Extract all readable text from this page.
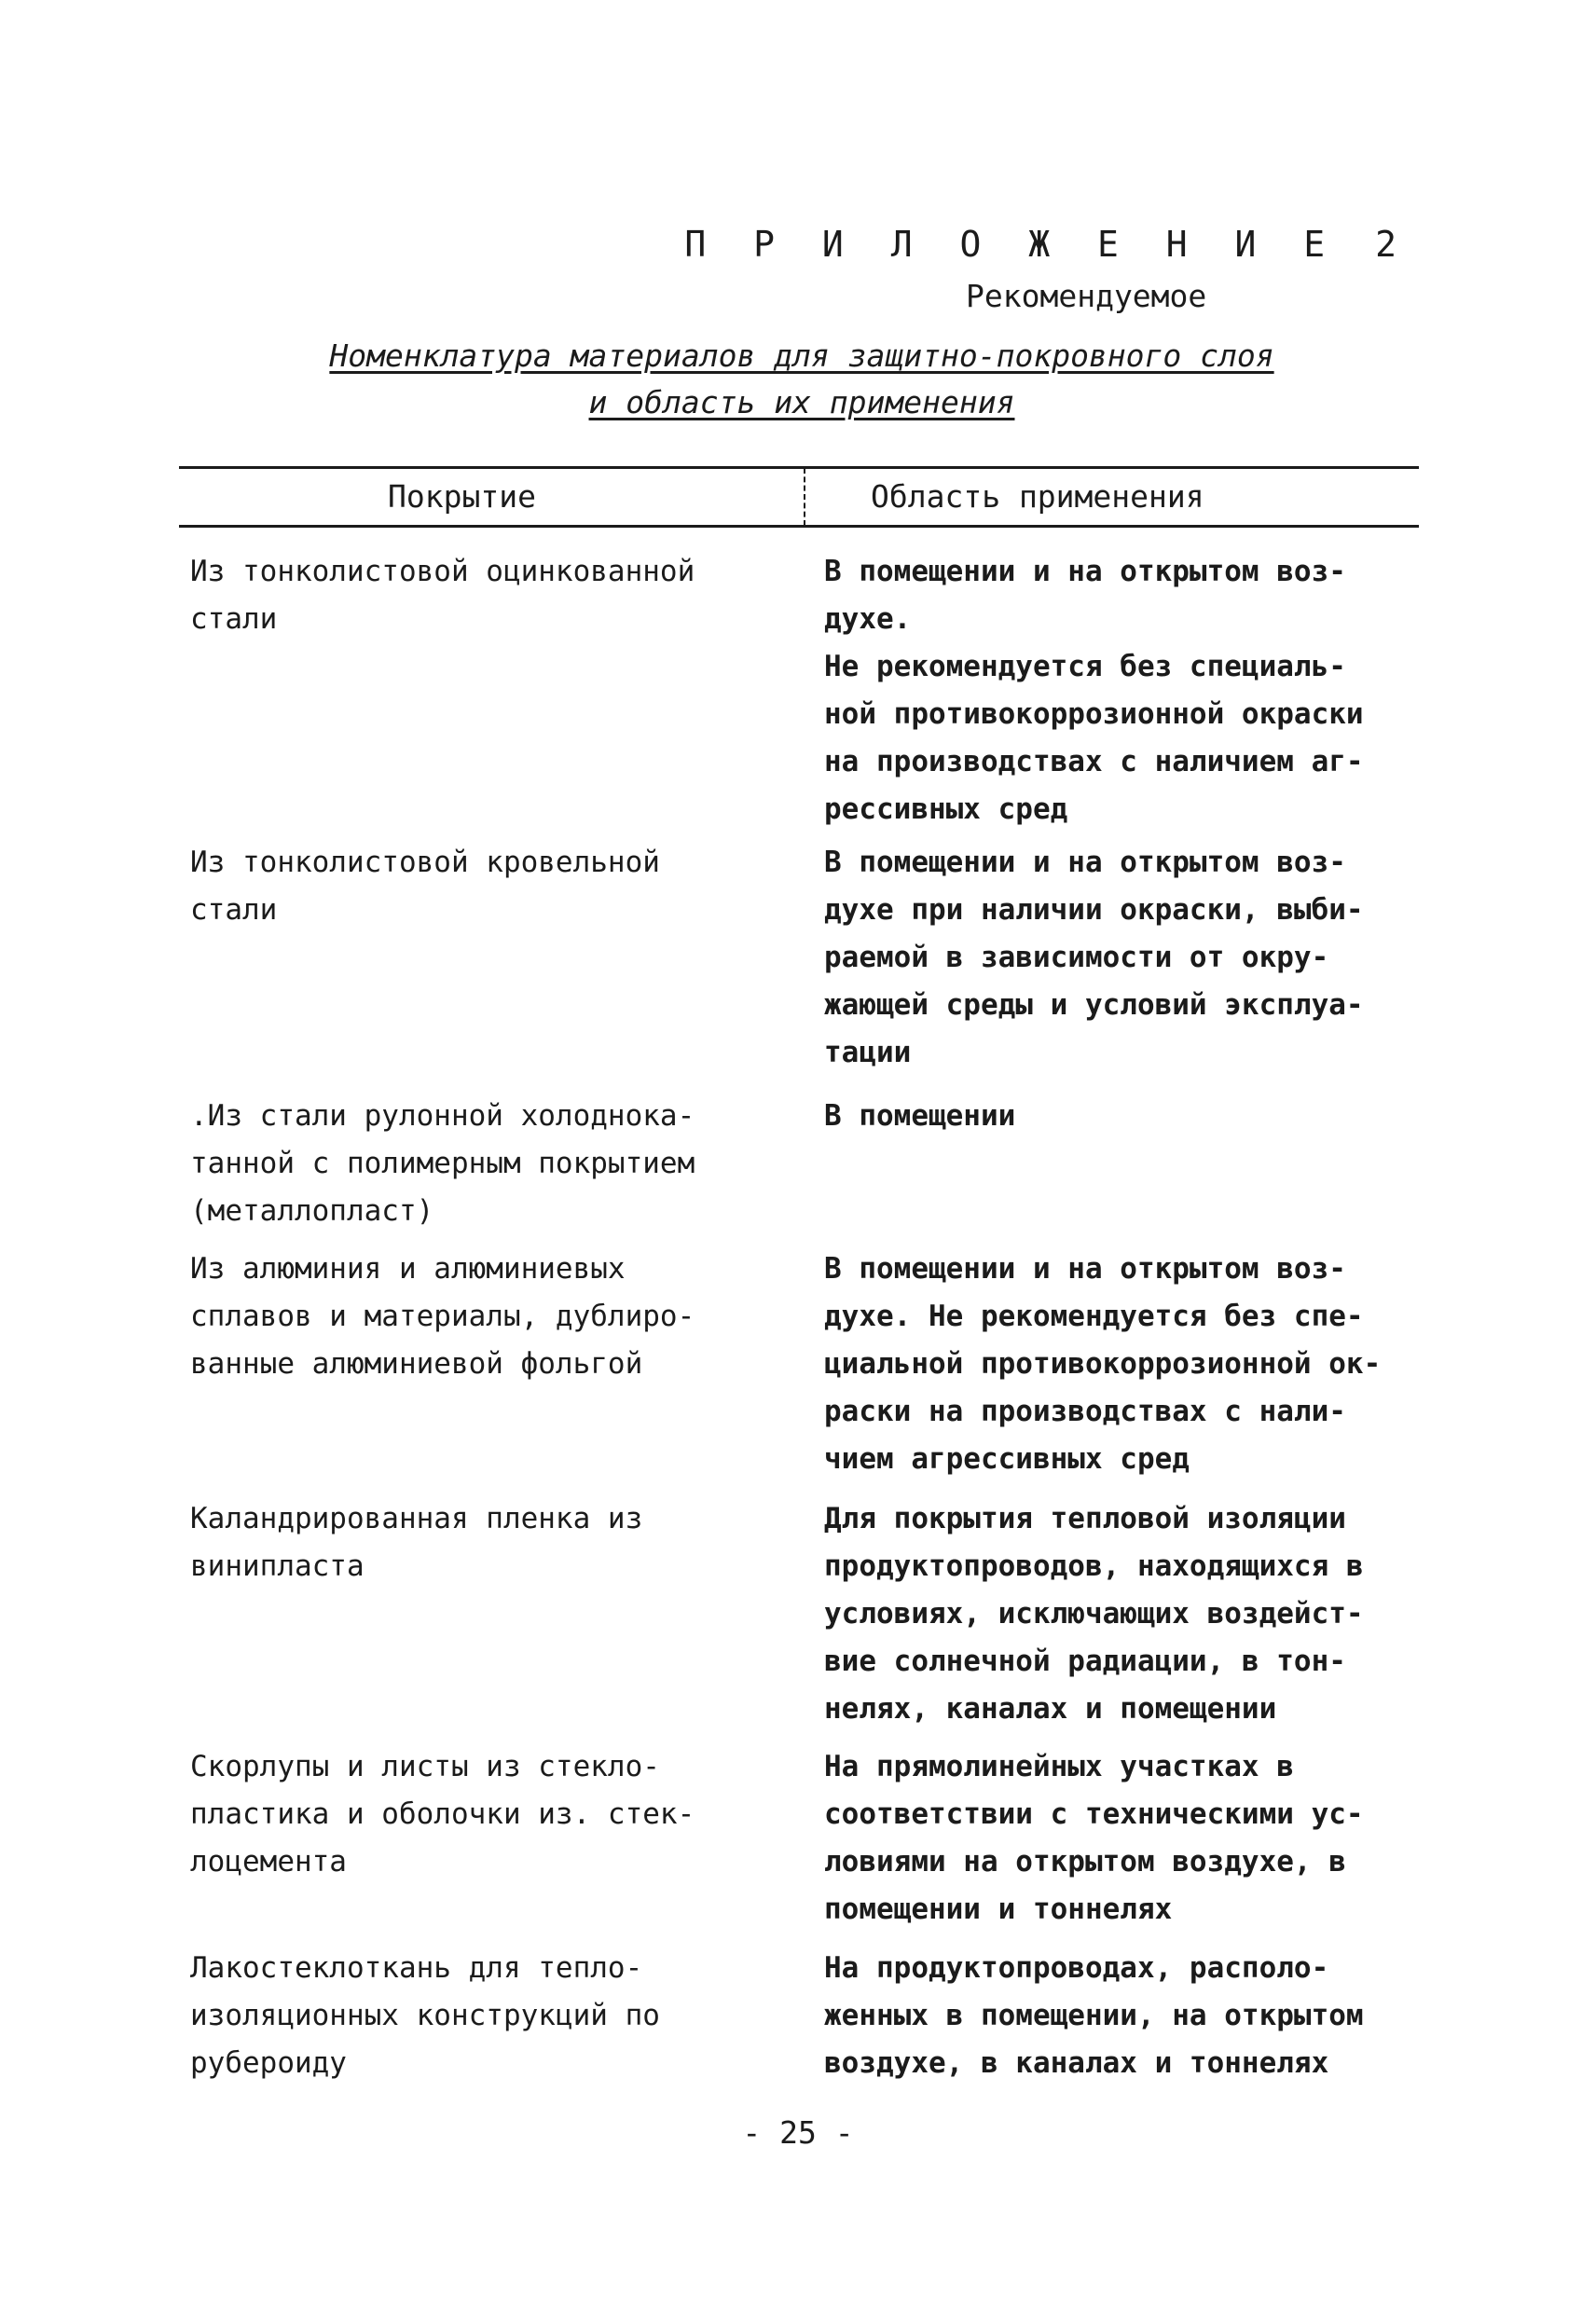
П Р И Л О Ж Е Н И Е 2
Рекомендуемое
Номенклатура материалов для защитно-покровного слоя
и область их применения
Покрытие	Область применения
Из тонколистовой оцинкованной
стали
В помещении и на открытом воз-
духе.
Не рекомендуется без специаль-
ной противокоррозионной окраски
на производствах с наличием аг-
рессивных сред
Из тонколистовой кровельной
стали
В помещении и на открытом воз-
духе при наличии окраски, выби-
раемой в зависимости от окру-
жающей среды и условий эксплуа-
тации
.Из стали рулонной холоднока-
танной с полимерным покрытием
(металлопласт)
В помещении
Из алюминия и алюминиевых
сплавов и материалы, дублиро-
ванные алюминиевой фольгой
В помещении и на открытом воз-
духе. Не рекомендуется без спе-
циальной противокоррозионной ок-
раски на производствах с нали-
чием агрессивных сред
Каландрированная пленка из
винипласта
Для покрытия тепловой изоляции
продуктопроводов, находящихся в
условиях, исключающих воздейст-
вие солнечной радиации, в тон-
нелях, каналах и помещении
Скорлупы и листы из стекло-
пластика и оболочки из. стек-
лоцемента
На прямолинейных участках в
соответствии с техническими ус-
ловиями на открытом воздухе, в
помещении и тоннелях
Лакостеклоткань для тепло-
изоляционных конструкций по
рубероиду
На продуктопроводах, располо-
женных в помещении, на открытом
воздухе, в каналах и тоннелях
- 25 -
